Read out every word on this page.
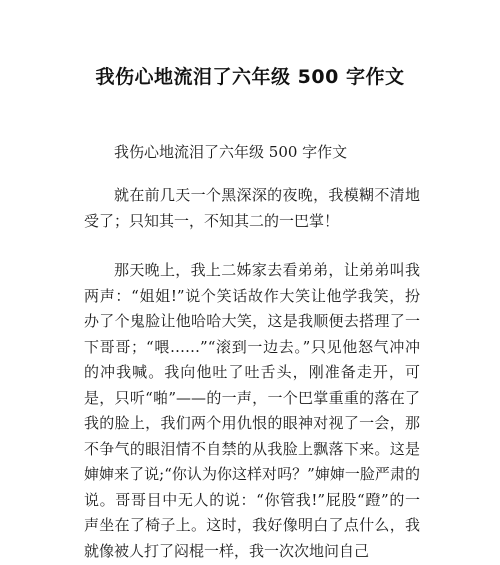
我伤心地流泪了六年级 500 字作文

我伤心地流泪了六年级 500 字作文

就在前几天一个黑深深的夜晚，我模糊不清地受了；只知其一，不知其二的一巴掌！

那天晚上，我上二姊家去看弟弟，让弟弟叫我两声：“姐姐!”说个笑话故作大笑让他学我笑，扮办了个鬼脸让他哈哈大笑，这是我顺便去搭理了一下哥哥；“喂……”“滚到一边去。”只见他怒气冲冲的冲我喊。我向他吐了吐舌头，刚准备走开，可是，只听“啪”——的一声，一个巴掌重重的落在了我的脸上，我们两个用仇恨的眼神对视了一会，那不争气的眼泪情不自禁的从我脸上飘落下来。这是婶婶来了说;“你认为你这样对吗？”婶婶一脸严肃的说。哥哥目中无人的说：“你管我!”屁股“蹬”的一声坐在了椅子上。这时，我好像明白了点什么，我就像被人打了闷棍一样，我一次次地问自己
